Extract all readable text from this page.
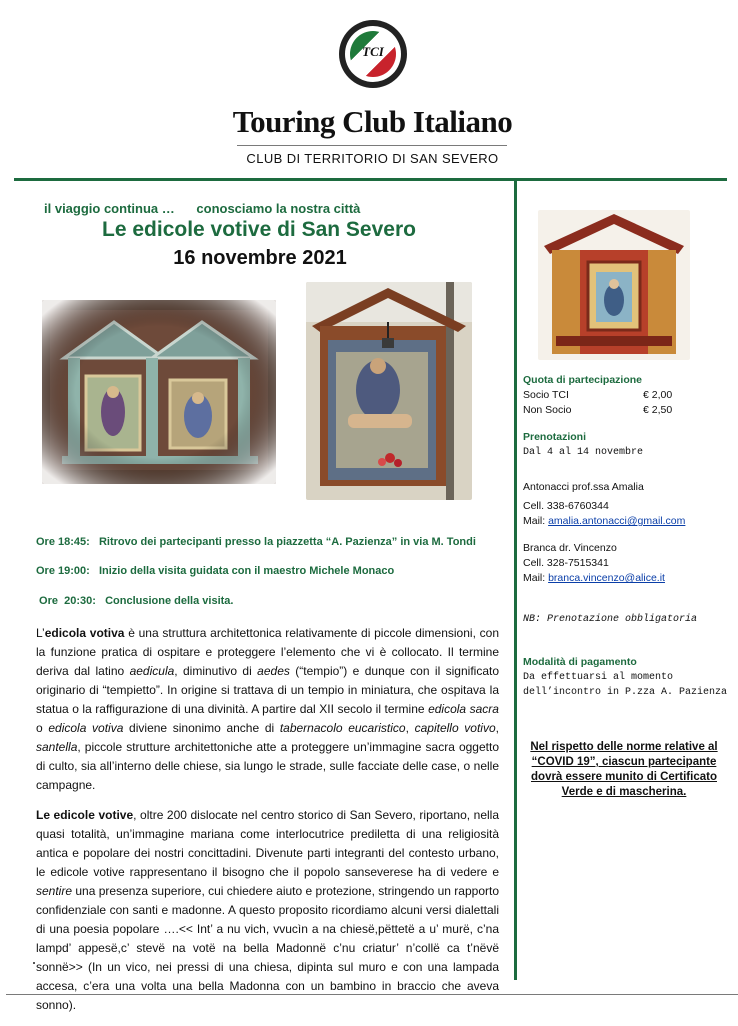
TCI
Touring Club Italiano
CLUB DI TERRITORIO DI SAN SEVERO
il viaggio continua …      conosciamo la nostra città
Le edicole votive di San Severo
16 novembre 2021
Ore 18:45:   Ritrovo dei partecipanti presso la piazzetta “A. Pazienza” in via M. Tondi
Ore 19:00:   Inizio della visita guidata con il maestro Michele Monaco
Ore  20:30:   Conclusione della visita.

L’edicola votiva è una struttura architettonica relativamente di piccole dimensioni, con la funzione pratica di ospitare e proteggere l’elemento che vi è collocato. Il termine deriva dal latino aedicula, diminutivo di aedes (“tempio”) e dunque con il significato originario di “tempietto”. In origine si trattava di un tempio in miniatura, che ospitava la statua o la raffigurazione di una divinità. A partire dal XII secolo il termine edicola sacra o edicola votiva diviene sinonimo anche di tabernacolo eucaristico, capitello votivo, santella, piccole strutture architettoniche atte a proteggere un’immagine sacra oggetto di culto, sia all’interno delle chiese, sia lungo le strade, sulle facciate delle case, o nelle campagne.

Le edicole votive, oltre 200 dislocate nel centro storico di San Severo, riportano, nella quasi totalità, un’immagine mariana come interlocutrice prediletta di una religiosità antica e popolare dei nostri concittadini. Divenute parti integranti del contesto urbano, le edicole votive rappresentano il bisogno che il popolo sanseverese ha di vedere e sentire una presenza superiore, cui chiedere aiuto e protezione, stringendo un rapporto confidenziale con santi e madonne. A questo proposito ricordiamo alcuni versi dialettali di una poesia popolare ….<< Int’ a nu vich, vvucìn a na chiesë,pëttetë a u’ murë, c’na lampd’ appesë,c’ stevë na votë na bella Madonnë c’nu criatur’ n’collë ca t’nëvë sonnë>> (In un vico, nei pressi di una chiesa, dipinta sul muro e con una lampada accesa, c’era una volta una bella Madonna con un bambino in braccio che aveva sonno).

Quota di partecipazione
Socio TCI	€ 2,00
Non Socio	€ 2,50
Prenotazioni
Dal 4 al 14 novembre
Antonacci prof.ssa Amalia
Cell. 338-6760344
Mail: amalia.antonacci@gmail.com
Branca dr. Vincenzo
Cell. 328-7515341
Mail: branca.vincenzo@alice.it
NB: Prenotazione obbligatoria
Modalità di pagamento
Da effettuarsi al momento
dell’incontro in P.zza A. Pazienza
Nel rispetto delle norme relative al “COVID 19”, ciascun partecipante dovrà essere munito di Certificato Verde e di mascherina.
